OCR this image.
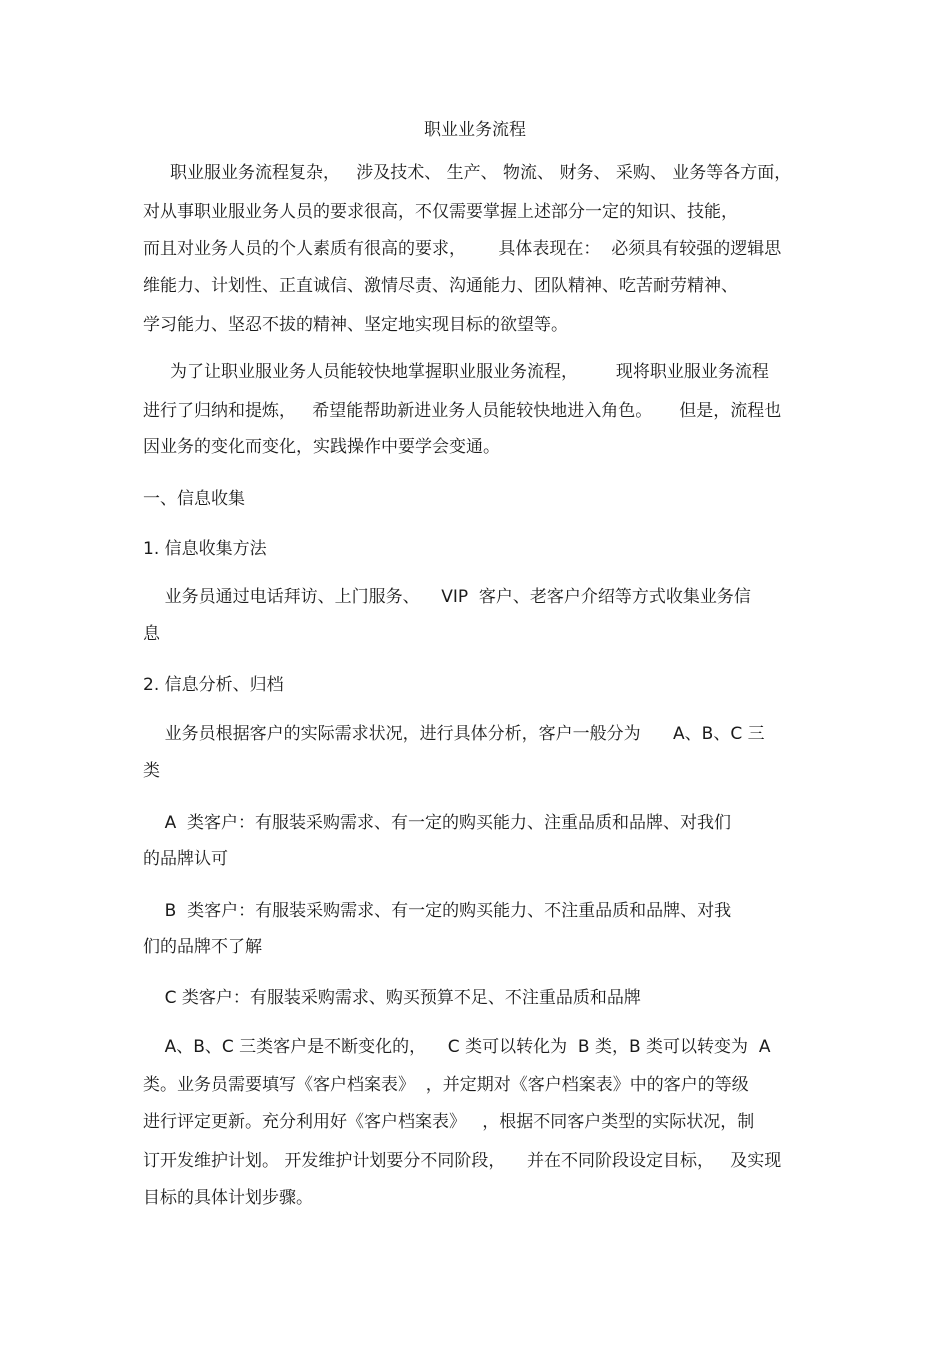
职业业务流程
职业服业务流程复杂，   涉及技术、 生产、 物流、 财务、 采购、 业务等各方面，
对从事职业服业务人员的要求很高，不仅需要掌握上述部分一定的知识、技能，
而且对业务人员的个人素质有很高的要求，      具体表现在：  必须具有较强的逻辑思
维能力、计划性、正直诚信、激情尽责、沟通能力、团队精神、吃苦耐劳精神、
学习能力、坚忍不拔的精神、坚定地实现目标的欲望等。
为了让职业服业务人员能较快地掌握职业服业务流程，       现将职业服业务流程
进行了归纳和提炼，   希望能帮助新进业务人员能较快地进入角色。     但是，流程也
因业务的变化而变化，实践操作中要学会变通。
一、信息收集
1. 信息收集方法
业务员通过电话拜访、上门服务、    VIP  客户、老客户介绍等方式收集业务信
息
2. 信息分析、归档
业务员根据客户的实际需求状况，进行具体分析，客户一般分为      A、B、C 三
类
A  类客户：有服装采购需求、有一定的购买能力、注重品质和品牌、对我们
的品牌认可
B  类客户：有服装采购需求、有一定的购买能力、不注重品质和品牌、对我
们的品牌不了解
C 类客户：有服装采购需求、购买预算不足、不注重品质和品牌
A、B、C 三类客户是不断变化的，    C 类可以转化为  B 类，B 类可以转变为  A
类。业务员需要填写《客户档案表》  ，并定期对《客户档案表》中的客户的等级
进行评定更新。充分利用好《客户档案表》   ，根据不同客户类型的实际状况，制
订开发维护计划。 开发维护计划要分不同阶段，    并在不同阶段设定目标，   及实现
目标的具体计划步骤。
